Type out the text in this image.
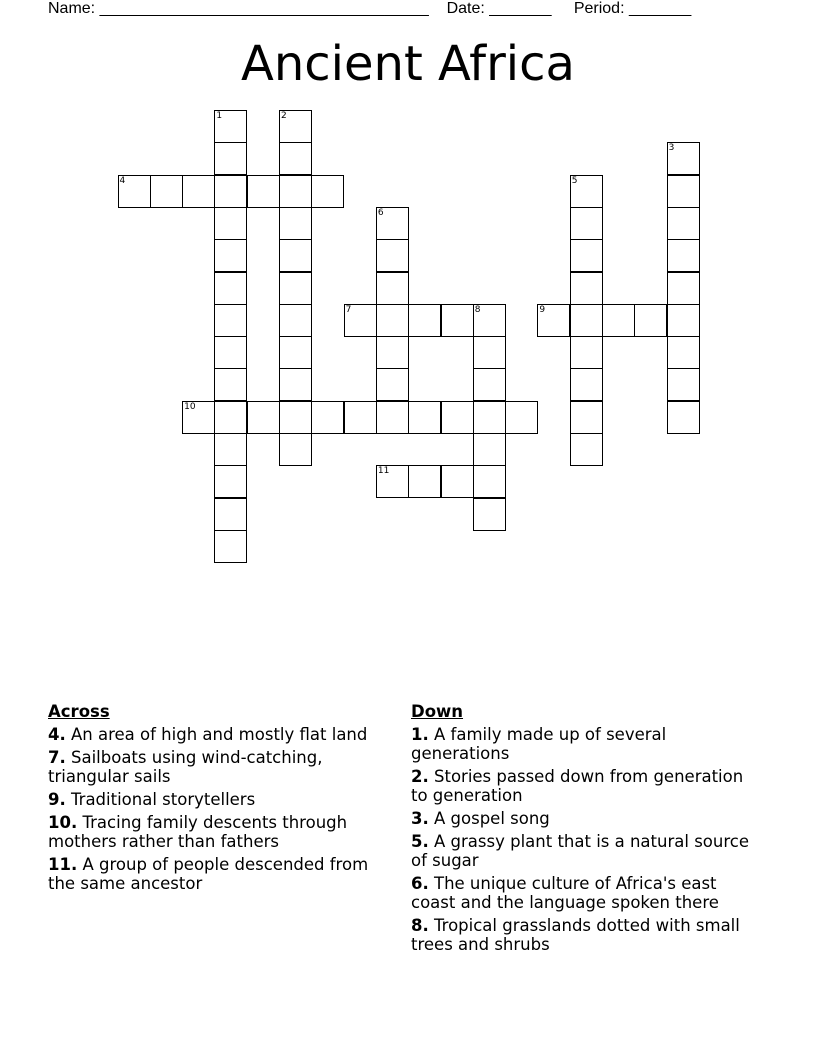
Name: _____________________________________ Date: _______ Period: _______
Ancient Africa
1	2
3
4	5
6
7	8	9
10
11
Across
4. An area of high and mostly flat land
7. Sailboats using wind-catching, triangular sails
9. Traditional storytellers
10. Tracing family descents through mothers rather than fathers
11. A group of people descended from the same ancestor
Down
1. A family made up of several generations
2. Stories passed down from generation to generation
3. A gospel song
5. A grassy plant that is a natural source of sugar
6. The unique culture of Africa's east coast and the language spoken there
8. Tropical grasslands dotted with small trees and shrubs
